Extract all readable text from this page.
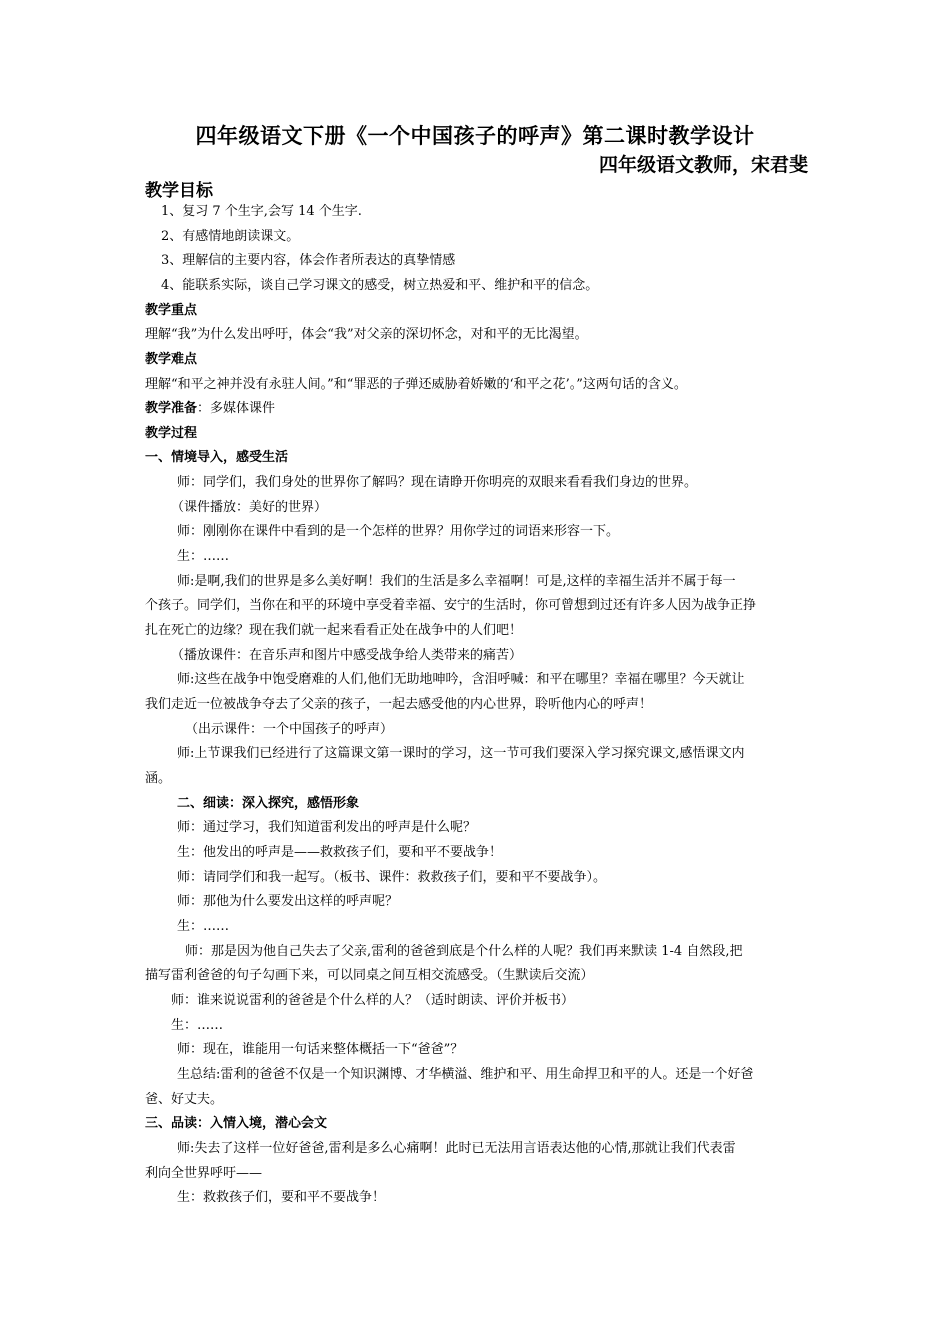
四年级语文下册《一个中国孩子的呼声》第二课时教学设计
四年级语文教师，宋君斐
教学目标
1、复习 7 个生字,会写 14 个生字.
2、有感情地朗读课文。
3、理解信的主要内容，体会作者所表达的真挚情感
4、能联系实际，谈自己学习课文的感受，树立热爱和平、维护和平的信念。
教学重点
理解“我”为什么发出呼吁，体会“我”对父亲的深切怀念，对和平的无比渴望。
教学难点
理解“和平之神并没有永驻人间。”和“罪恶的子弹还威胁着娇嫩的‘和平之花’。”这两句话的含义。
教学准备：多媒体课件
教学过程
一、情境导入，感受生活
师：同学们，我们身处的世界你了解吗？现在请睁开你明亮的双眼来看看我们身边的世界。
（课件播放：美好的世界）
师：刚刚你在课件中看到的是一个怎样的世界？用你学过的词语来形容一下。
生：……
师:是啊,我们的世界是多么美好啊！我们的生活是多么幸福啊！可是,这样的幸福生活并不属于每一
个孩子。同学们，当你在和平的环境中享受着幸福、安宁的生活时，你可曾想到过还有许多人因为战争正挣
扎在死亡的边缘？现在我们就一起来看看正处在战争中的人们吧！
（播放课件：在音乐声和图片中感受战争给人类带来的痛苦）
师:这些在战争中饱受磨难的人们,他们无助地呻吟，含泪呼喊：和平在哪里？幸福在哪里？今天就让
我们走近一位被战争夺去了父亲的孩子，一起去感受他的内心世界，聆听他内心的呼声！
（出示课件：一个中国孩子的呼声）
师:上节课我们已经进行了这篇课文第一课时的学习，这一节可我们要深入学习探究课文,感悟课文内
涵。
二、细读：深入探究，感悟形象
师：通过学习，我们知道雷利发出的呼声是什么呢？
生：他发出的呼声是——救救孩子们，要和平不要战争！
师：请同学们和我一起写。（板书、课件：救救孩子们，要和平不要战争）。
师：那他为什么要发出这样的呼声呢？
生：……
师：那是因为他自己失去了父亲,雷利的爸爸到底是个什么样的人呢？我们再来默读 1-4 自然段,把
描写雷利爸爸的句子勾画下来，可以同桌之间互相交流感受。（生默读后交流）
师：谁来说说雷利的爸爸是个什么样的人？（适时朗读、评价并板书）
生：……
师：现在，谁能用一句话来整体概括一下“爸爸”？
生总结:雷利的爸爸不仅是一个知识渊博、才华横溢、维护和平、用生命捍卫和平的人。还是一个好爸
爸、好丈夫。
三、品读：入情入境，潜心会文
师:失去了这样一位好爸爸,雷利是多么心痛啊！此时已无法用言语表达他的心情,那就让我们代表雷
利向全世界呼吁——
生：救救孩子们，要和平不要战争！
